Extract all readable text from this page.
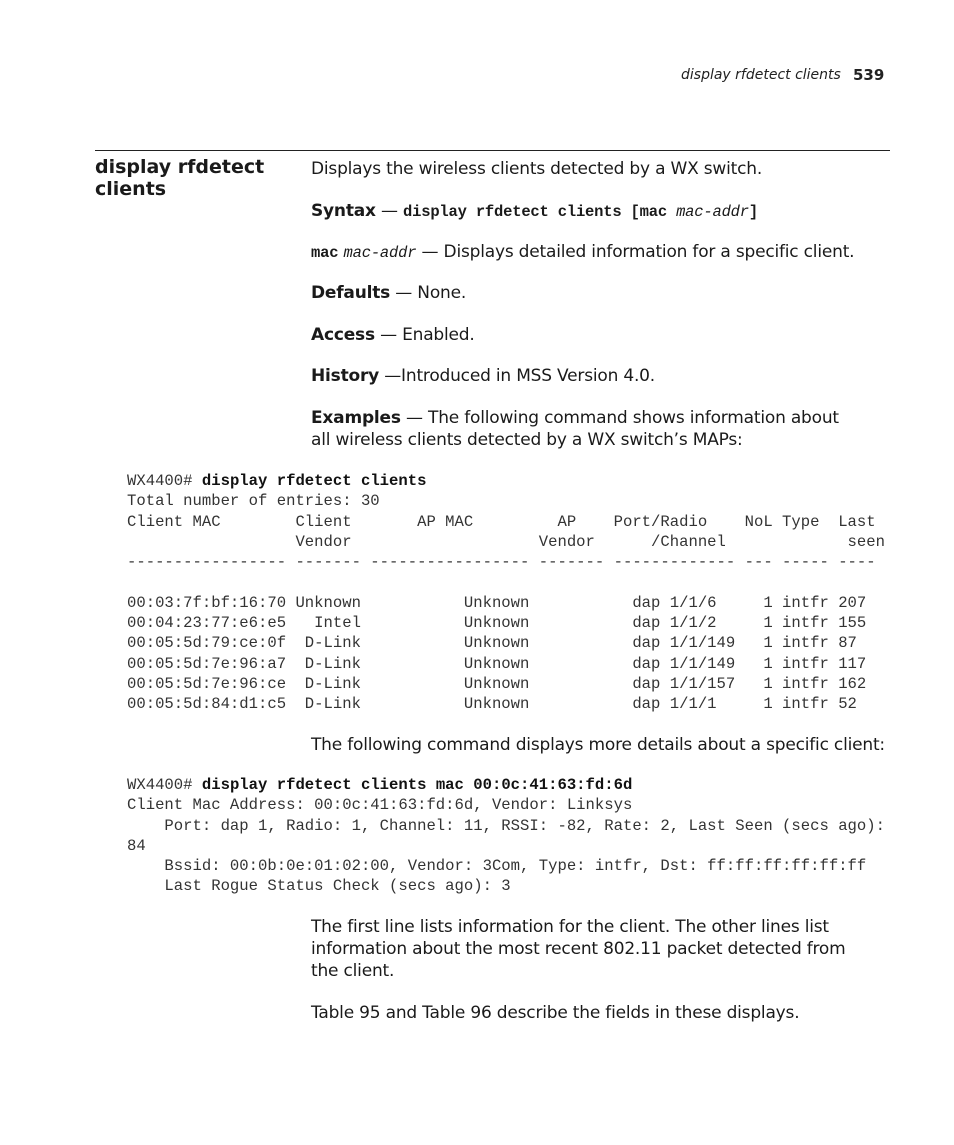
display rfdetect clients 539
display rfdetect clients
Displays the wireless clients detected by a WX switch.
Syntax — display rfdetect clients [mac mac-addr]
mac mac-addr — Displays detailed information for a specific client.
Defaults — None.
Access — Enabled.
History —Introduced in MSS Version 4.0.
Examples — The following command shows information about all wireless clients detected by a WX switch’s MAPs:
WX4400# display rfdetect clients
Total number of entries: 30
Client MAC        Client       AP MAC         AP    Port/Radio    NoL Type  Last
Vendor                    Vendor      /Channel             seen
----------------- ------- ----------------- ------- ------------- --- ----- ----

00:03:7f:bf:16:70 Unknown           Unknown           dap 1/1/6     1 intfr 207
00:04:23:77:e6:e5   Intel           Unknown           dap 1/1/2     1 intfr 155
00:05:5d:79:ce:0f  D-Link           Unknown           dap 1/1/149   1 intfr 87
00:05:5d:7e:96:a7  D-Link           Unknown           dap 1/1/149   1 intfr 117
00:05:5d:7e:96:ce  D-Link           Unknown           dap 1/1/157   1 intfr 162
00:05:5d:84:d1:c5  D-Link           Unknown           dap 1/1/1     1 intfr 52
The following command displays more details about a specific client:
WX4400# display rfdetect clients mac 00:0c:41:63:fd:6d
Client Mac Address: 00:0c:41:63:fd:6d, Vendor: Linksys
Port: dap 1, Radio: 1, Channel: 11, RSSI: -82, Rate: 2, Last Seen (secs ago):
84
Bssid: 00:0b:0e:01:02:00, Vendor: 3Com, Type: intfr, Dst: ff:ff:ff:ff:ff:ff
Last Rogue Status Check (secs ago): 3
The first line lists information for the client. The other lines list information about the most recent 802.11 packet detected from the client.
Table 95 and Table 96 describe the fields in these displays.
